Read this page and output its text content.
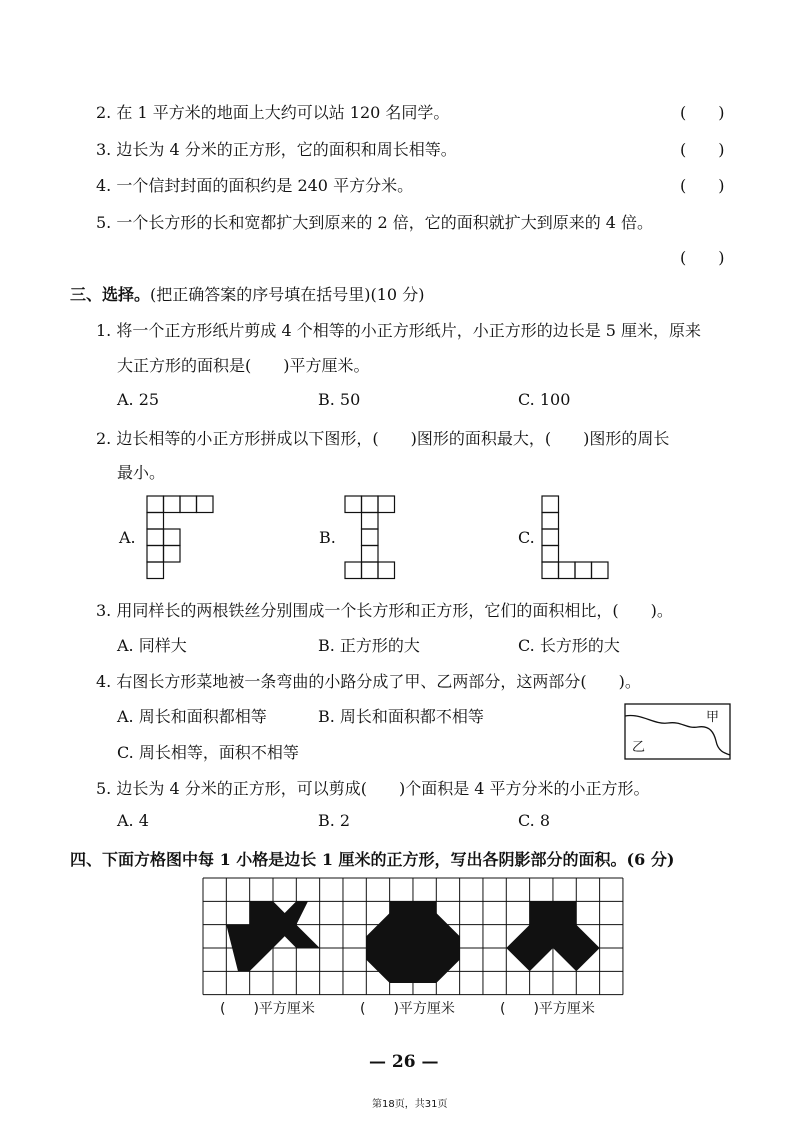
2. 在 1 平方米的地面上大约可以站 120 名同学。	(　　)
3. 边长为 4 分米的正方形，它的面积和周长相等。	(　　)
4. 一个信封封面的面积约是 240 平方分米。	(　　)
5. 一个长方形的长和宽都扩大到原来的 2 倍，它的面积就扩大到原来的 4 倍。
(　　)
三、选择。(把正确答案的序号填在括号里)(10 分)
1. 将一个正方形纸片剪成 4 个相等的小正方形纸片，小正方形的边长是 5 厘米，原来
大正方形的面积是(　　)平方厘米。
A. 25	B. 50	C. 100
2. 边长相等的小正方形拼成以下图形，(　　)图形的面积最大，(　　)图形的周长
最小。
A.	B.	C.
3. 用同样长的两根铁丝分别围成一个长方形和正方形，它们的面积相比，(　　)。
A. 同样大	B. 正方形的大	C. 长方形的大
4. 右图长方形菜地被一条弯曲的小路分成了甲、乙两部分，这两部分(　　)。
A. 周长和面积都相等	B. 周长和面积都不相等
C. 周长相等，面积不相等
甲
乙
5. 边长为 4 分米的正方形，可以剪成(　　)个面积是 4 平方分米的小正方形。
A. 4	B. 2	C. 8
四、下面方格图中每 1 小格是边长 1 厘米的正方形，写出各阴影部分的面积。(6 分)
(　　)平方厘米	(　　)平方厘米	(　　)平方厘米
— 26 —
第18页，共31页
